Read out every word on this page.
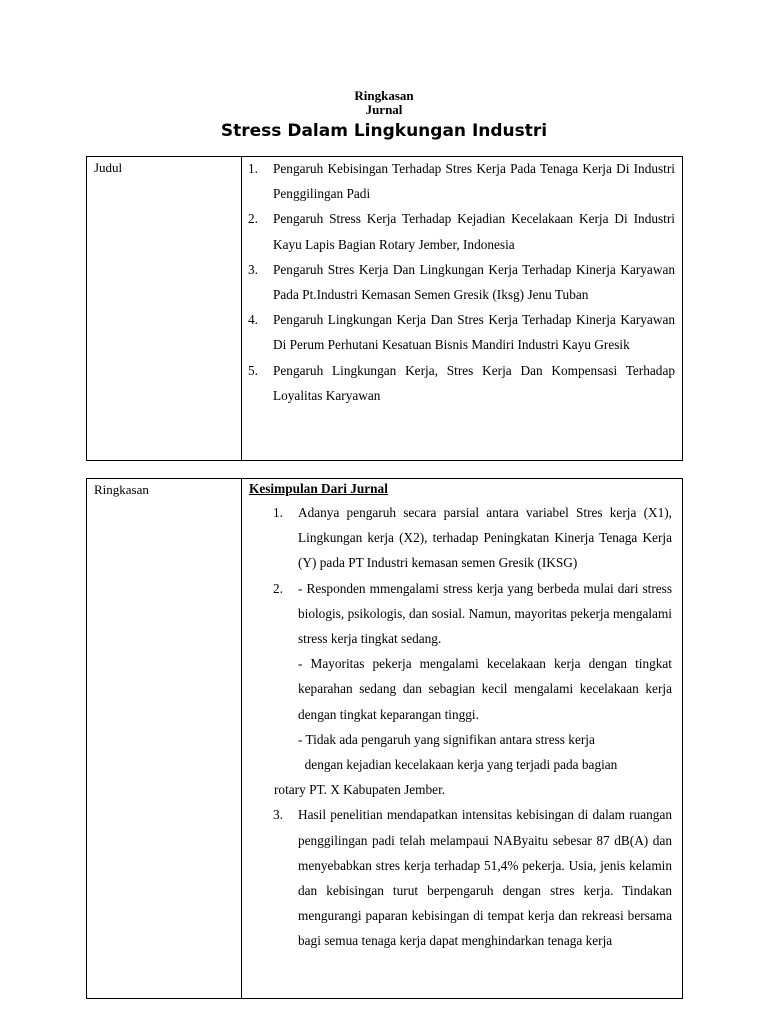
Ringkasan
Jurnal
Stress Dalam Lingkungan Industri
Judul	1. Pengaruh Kebisingan Terhadap Stres Kerja Pada Tenaga Kerja Di Industri Penggilingan Padi
2. Pengaruh Stress Kerja Terhadap Kejadian Kecelakaan Kerja Di Industri Kayu Lapis Bagian Rotary Jember, Indonesia
3. Pengaruh Stres Kerja Dan Lingkungan Kerja Terhadap Kinerja Karyawan Pada Pt.Industri Kemasan Semen Gresik (Iksg) Jenu Tuban
4. Pengaruh Lingkungan Kerja Dan Stres Kerja Terhadap Kinerja Karyawan Di Perum Perhutani Kesatuan Bisnis Mandiri Industri Kayu Gresik
5. Pengaruh Lingkungan Kerja, Stres Kerja Dan Kompensasi Terhadap Loyalitas Karyawan
Ringkasan	Kesimpulan Dari Jurnal
1. Adanya pengaruh secara parsial antara variabel Stres kerja (X1), Lingkungan kerja (X2), terhadap Peningkatan Kinerja Tenaga Kerja (Y) pada PT Industri kemasan semen Gresik (IKSG)
2. - Responden mmengalami stress kerja yang berbeda mulai dari stress biologis, psikologis, dan sosial. Namun, mayoritas pekerja mengalami stress kerja tingkat sedang.
- Mayoritas pekerja mengalami kecelakaan kerja dengan tingkat keparahan sedang dan sebagian kecil mengalami kecelakaan kerja dengan tingkat keparangan tinggi.
- Tidak ada pengaruh yang signifikan antara stress kerja
dengan kejadian kecelakaan kerja yang terjadi pada bagian
rotary PT. X Kabupaten Jember.
3. Hasil penelitian mendapatkan intensitas kebisingan di dalam ruangan penggilingan padi telah melampaui NAByaitu sebesar 87 dB(A) dan menyebabkan stres kerja terhadap 51,4% pekerja. Usia, jenis kelamin dan kebisingan turut berpengaruh dengan stres kerja. Tindakan mengurangi paparan kebisingan di tempat kerja dan rekreasi bersama bagi semua tenaga kerja dapat menghindarkan tenaga kerja
